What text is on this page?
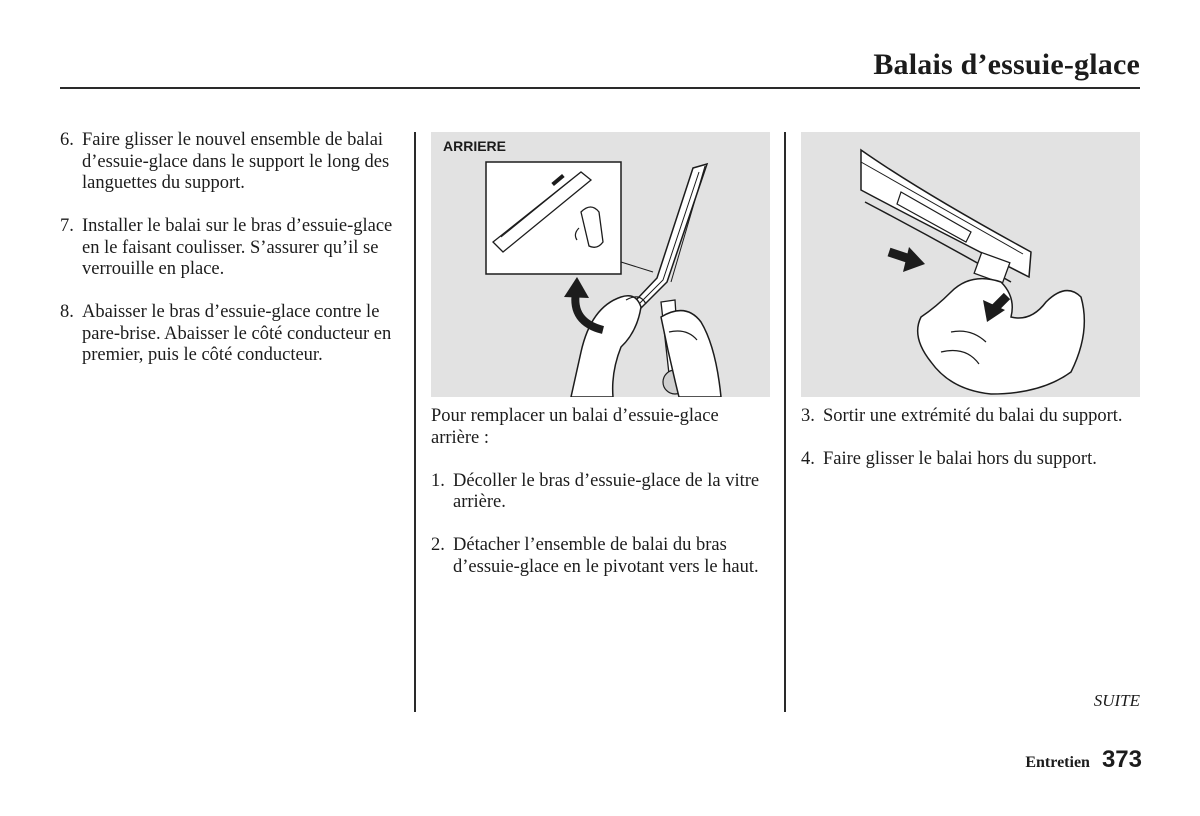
Balais d’essuie-glace
6. Faire glisser le nouvel ensemble de balai d’essuie-glace dans le support le long des languettes du support.
7. Installer le balai sur le bras d’essuie-glace en le faisant coulisser. S’assurer qu’il se verrouille en place.
8. Abaisser le bras d’essuie-glace contre le pare-brise. Abaisser le côté conducteur en premier, puis le côté conducteur.
ARRIERE

Pour remplacer un balai d’essuie-glace arrière :

1. Décoller le bras d’essuie-glace de la vitre arrière.
2. Détacher l’ensemble de balai du bras d’essuie-glace en le pivotant vers le haut.
3. Sortir une extrémité du balai du support.
4. Faire glisser le balai hors du support.
SUITE
Entretien 373
